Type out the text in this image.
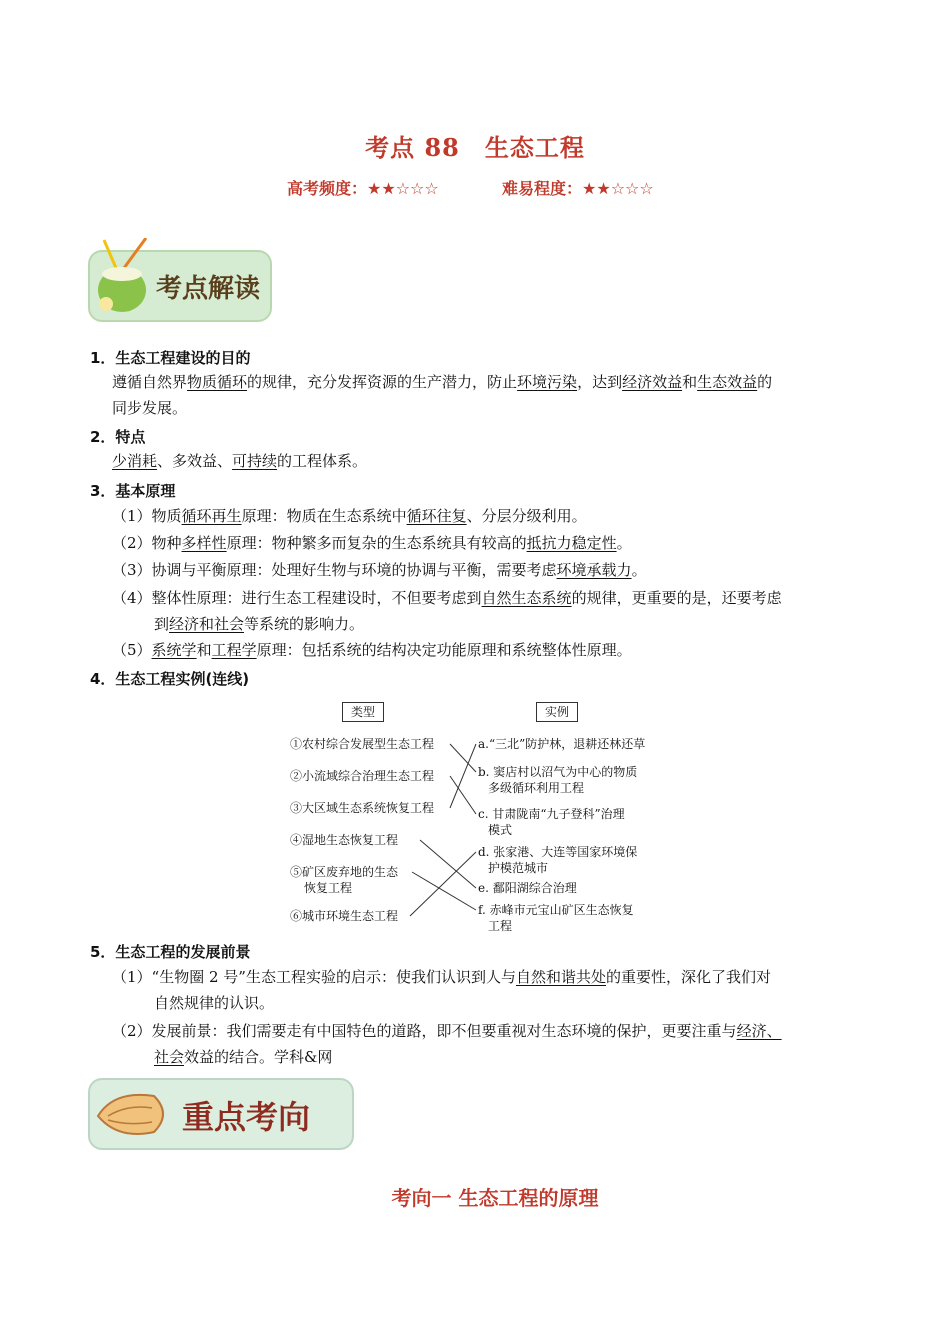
考点 88　生态工程
高考频度：★★☆☆☆	难易程度：★★☆☆☆
考点解读
1．生态工程建设的目的
遵循自然界物质循环的规律，充分发挥资源的生产潜力，防止环境污染，达到经济效益和生态效益的
同步发展。
2．特点
少消耗、多效益、可持续的工程体系。
3．基本原理
（1）物质循环再生原理：物质在生态系统中循环往复、分层分级利用。
（2）物种多样性原理：物种繁多而复杂的生态系统具有较高的抵抗力稳定性。
（3）协调与平衡原理：处理好生物与环境的协调与平衡，需要考虑环境承载力。
（4）整体性原理：进行生态工程建设时，不但要考虑到自然生态系统的规律，更重要的是，还要考虑
到经济和社会等系统的影响力。
（5）系统学和工程学原理：包括系统的结构决定功能原理和系统整体性原理。
4．生态工程实例(连线)
类型	实例
①农村综合发展型生态工程
②小流域综合治理生态工程
③大区域生态系统恢复工程
④湿地生态恢复工程
⑤矿区废弃地的生态
恢复工程
⑥城市环境生态工程
a.“三北”防护林，退耕还林还草
b. 窦店村以沼气为中心的物质
多级循环利用工程
c. 甘肃陇南“九子登科”治理
模式
d. 张家港、大连等国家环境保
护模范城市
e. 鄱阳湖综合治理
f. 赤峰市元宝山矿区生态恢复
工程
5．生态工程的发展前景
（1）“生物圈 2 号”生态工程实验的启示：使我们认识到人与自然和谐共处的重要性，深化了我们对
自然规律的认识。
（2）发展前景：我们需要走有中国特色的道路，即不但要重视对生态环境的保护，更要注重与经济、
社会效益的结合。学科&网
重点考向
考向一 生态工程的原理
